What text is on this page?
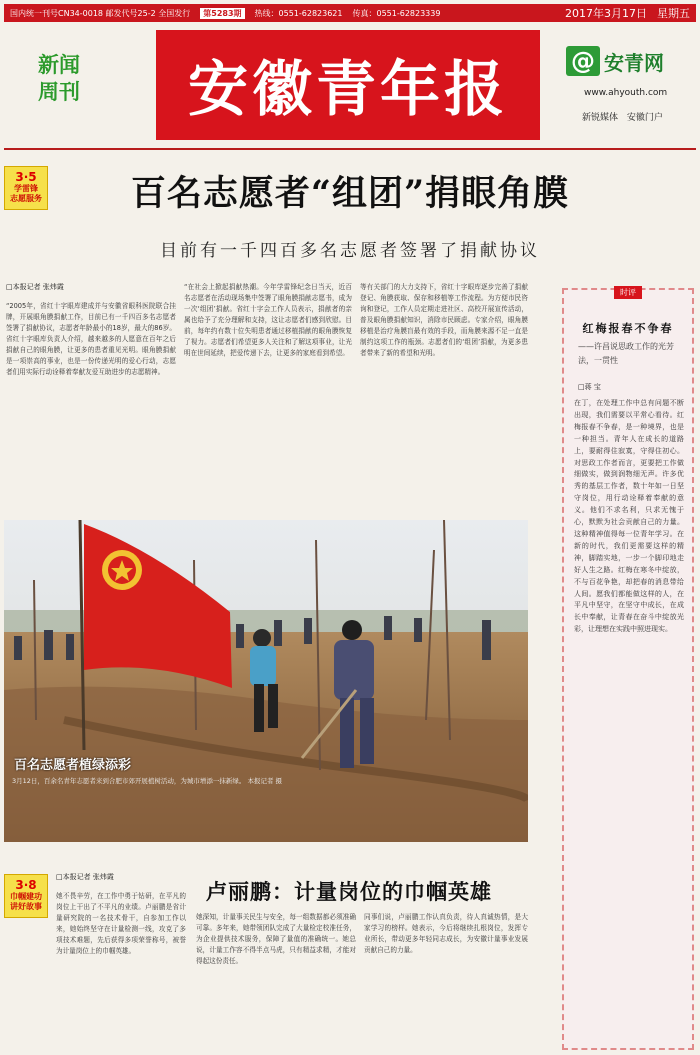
国内统一刊号CN34-0018 邮发代号25-2 全国发行	第5283期	热线：0551-62823621 传真：0551-62823339	2017年3月17日 星期五
新闻
周刊	安徽青年报	@ 安青网
www.ahyouth.com
新锐媒体 安徽门户
3·5
学雷锋
志愿服务	百名志愿者“组团”捐眼角膜
目前有一千四百多名志愿者签署了捐献协议
□本报记者 张炜霞
“2005年，省红十字眼库建成并与安徽省眼科医院联合挂牌，开展眼角膜捐献工作，目前已有一千四百多名志愿者签署了捐献协议，志愿者年龄最小的18岁，最大的86岁。省红十字眼库负责人介绍，越来越多的人愿意在百年之后捐献自己的眼角膜，让更多的患者重见光明。眼角膜捐献是一项崇高的事业，也是一份传递光明的爱心行动，志愿者们用实际行动诠释着奉献友爱互助进步的志愿精神。
“在社会上掀起捐献热潮。今年学雷锋纪念日当天，近百名志愿者在活动现场集中签署了眼角膜捐献志愿书，成为一次‘组团’捐献。省红十字会工作人员表示，捐献者的亲属也给予了充分理解和支持，这让志愿者们感到欣慰。目前，每年约有数十位失明患者通过移植捐献的眼角膜恢复了视力。志愿者们希望更多人关注和了解这项事业，让光明在世间延续，把爱传递下去，让更多的家庭看到希望。
等有关部门的大力支持下，省红十字眼库逐步完善了捐献登记、角膜获取、保存和移植等工作流程。为方便市民咨询和登记，工作人员定期走进社区、高校开展宣传活动，普及眼角膜捐献知识，消除市民顾虑。专家介绍，眼角膜移植是治疗角膜盲最有效的手段，而角膜来源不足一直是制约这项工作的瓶颈。志愿者们的‘组团’捐献，为更多患者带来了新的希望和光明。
百名志愿者植绿添彩
3月12日，百余名青年志愿者来到合肥市郊开展植树活动，为城市增添一抹新绿。 本报记者 摄
时评
红梅报春不争春
——许昌说思政工作的光芳法，一贯性
□蒋 宝
在丁，在处理工作中总有问题不断出现，我们需要以平常心看待。红梅报春不争春，是一种境界，也是一种担当。青年人在成长的道路上，要耐得住寂寞，守得住初心。对思政工作者而言，更要把工作做细做实，做到润物细无声。许多优秀的基层工作者，数十年如一日坚守岗位，用行动诠释着奉献的意义。他们不求名利，只求无愧于心，默默为社会贡献自己的力量。这种精神值得每一位青年学习。在新的时代，我们更需要这样的精神，脚踏实地，一步一个脚印地走好人生之路。红梅在寒冬中绽放，不与百花争艳，却把春的消息带给人间。愿我们都能做这样的人，在平凡中坚守，在坚守中成长，在成长中奉献，让青春在奋斗中绽放光彩，让理想在实践中照进现实。
3·8
巾帼建功
讲好故事
卢丽鹏：计量岗位的巾帼英雄
□本报记者 张炜霞
她不畏辛劳，在工作中勇于钻研，在平凡的岗位上干出了不平凡的业绩。卢丽鹏是省计量研究院的一名技术骨干，自参加工作以来，她始终坚守在计量检测一线，攻克了多项技术难题，先后获得多项荣誉称号，被誉为计量岗位上的巾帼英雄。
她深知，计量事关民生与安全，每一组数据都必须准确可靠。多年来，她带领团队完成了大量检定校准任务，为企业提供技术服务，保障了量值的准确统一。她总说，计量工作容不得半点马虎，只有精益求精，才能对得起这份责任。
同事们说，卢丽鹏工作认真负责，待人真诚热情，是大家学习的榜样。她表示，今后将继续扎根岗位，发挥专业所长，带动更多年轻同志成长，为安徽计量事业发展贡献自己的力量。
